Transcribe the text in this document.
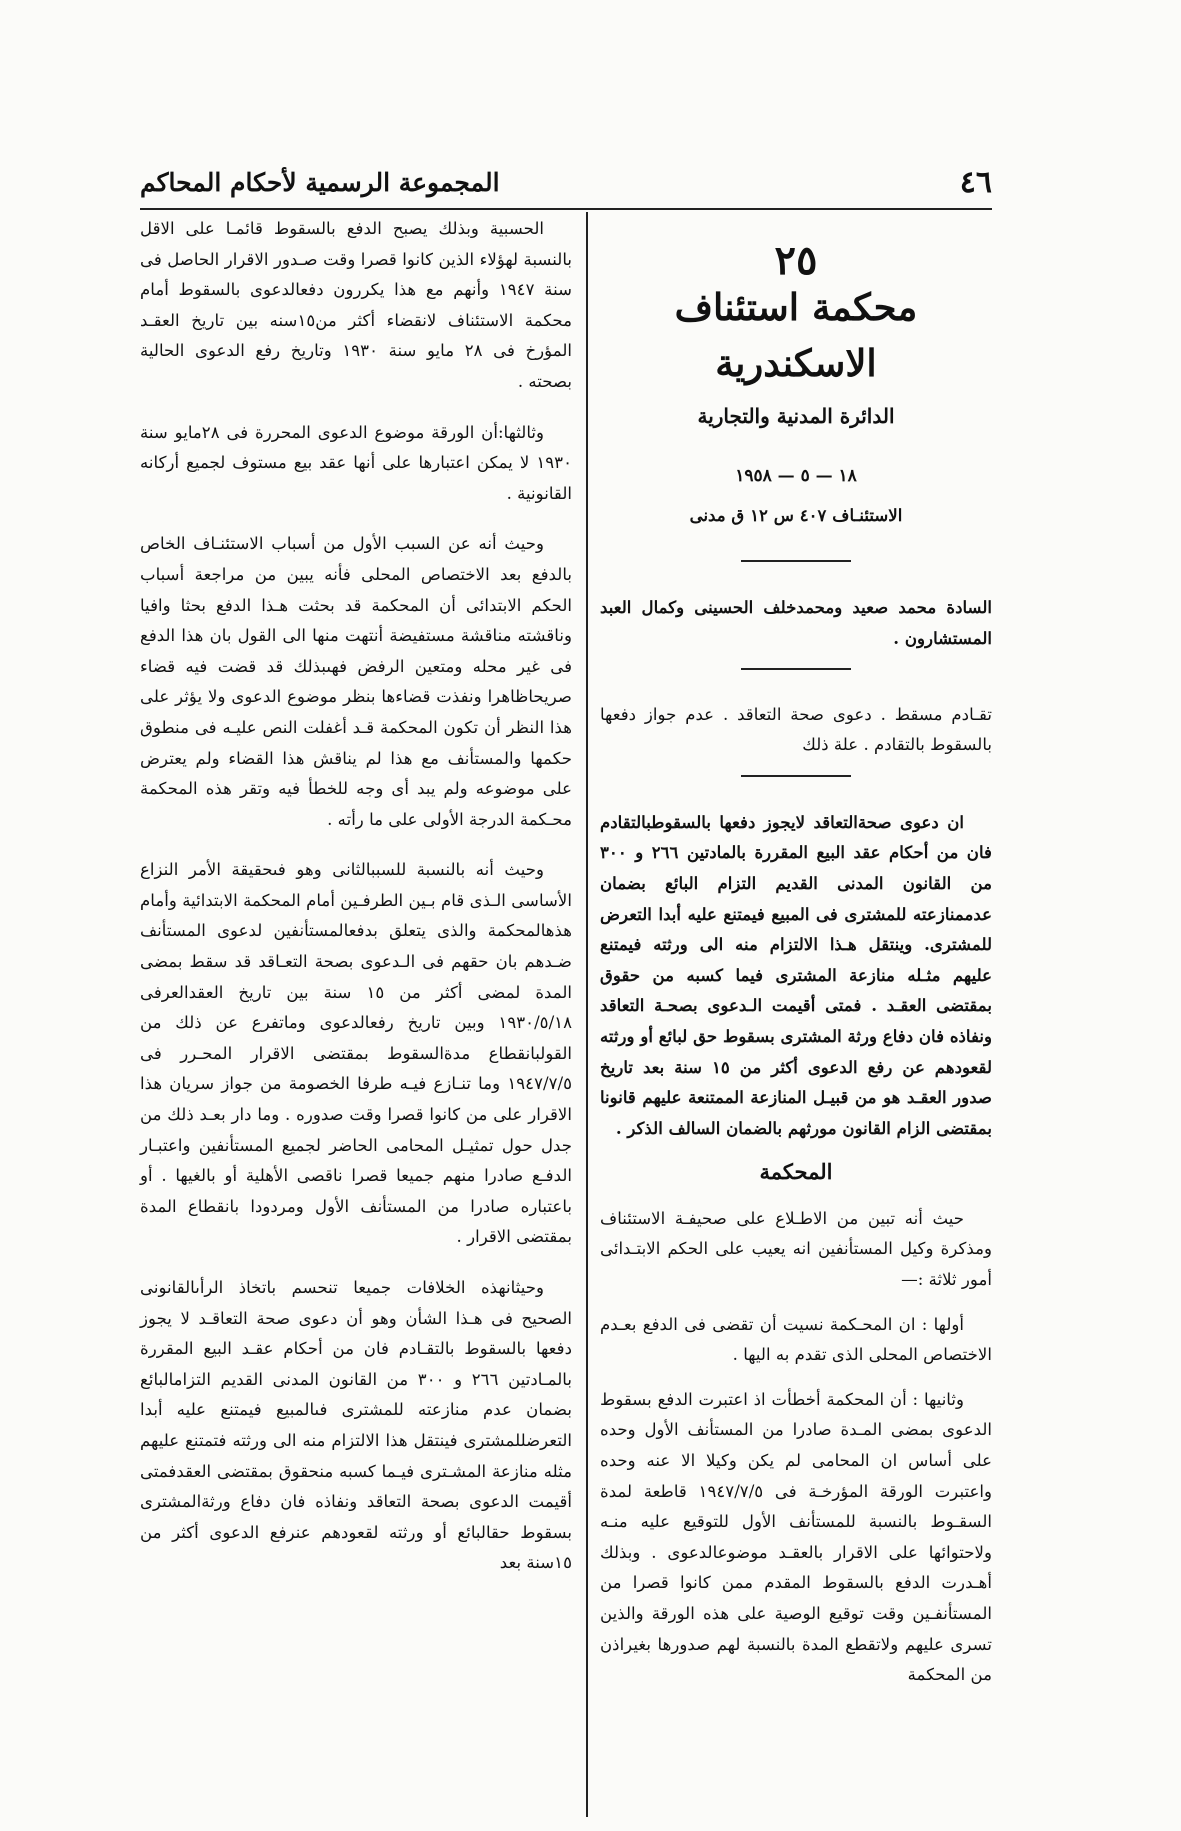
٤٦
المجموعة الرسمية لأحكام المحاكم
٢٥
محكمة استئناف الاسكندرية
الدائرة المدنية والتجارية
١٨ — ٥ — ١٩٥٨
الاستئنـاف ٤٠٧ س ١٢ ق مدنى

السادة محمد صعيد ومحمدخلف الحسينى وكمال العبد المستشارون .

تقـادم مسقط . دعوى صحة التعاقد . عدم جواز دفعها بالسقوط بالتقادم . علة ذلك

ان دعوى صحةالتعاقد لايجوز دفعها بالسقوطبالتقادم فان من أحكام عقد البيع المقررة بالمادتين ٢٦٦ و ٣٠٠ من القانون المدنى القديم التزام البائع بضمان عدممنازعته للمشترى فى المبيع فيمتنع عليه أبدا التعرض للمشترى. وينتقل هـذا الالتزام منه الى ورثته فيمتنع عليهم مثـله منازعة المشترى فيما كسبه من حقوق بمقتضى العقـد . فمتى أقيمت الـدعوى بصحـة التعاقد ونفاذه فان دفاع ورثة المشترى بسقوط حق لبائع أو ورثته لقعودهم عن رفع الدعوى أكثر من ١٥ سنة بعد تاريخ صدور العقـد هو من قبيـل المنازعة الممتنعة عليهم قانونا بمقتضى الزام القانون مورثهم بالضمان السالف الذكر .

المحكمة

حيث أنه تبين من الاطـلاع على صحيفـة الاستئناف ومذكرة وكيل المستأنفين انه يعيب على الحكم الابتـدائى أمور ثلاثة :—

أولها : ان المحـكمة نسيت أن تقضى فى الدفع بعـدم الاختصاص المحلى الذى تقدم به اليها .

وثانيها : أن المحكمة أخطأت اذ اعتبرت الدفع بسقوط الدعوى بمضى المـدة صادرا من المستأنف الأول وحده على أساس ان المحامى لم يكن وكيلا الا عنه وحده واعتبرت الورقة المؤرخـة فى ١٩٤٧/٧/٥ قاطعة لمدة السقـوط بالنسبة للمستأنف الأول للتوقيع عليه منـه ولاحتوائها على الاقرار بالعقـد موضوعالدعوى . وبذلك أهـدرت الدفع بالسقوط المقدم ممن كانوا قصرا من المستأنفـين وقت توقيع الوصية على هذه الورقة والذين تسرى عليهم ولاتقطع المدة بالنسبة لهم صدورها بغيراذن من المحكمة

الحسبية وبذلك يصبح الدفع بالسقوط قائمـا على الاقل بالنسبة لهؤلاء الذين كانوا قصرا وقت صـدور الاقرار الحاصل فى سنة ١٩٤٧ وأنهم مع هذا يكررون دفعالدعوى بالسقوط أمام محكمة الاستئناف لانقضاء أكثر من١٥سنه بين تاريخ العقـد المؤرخ فى ٢٨ مايو سنة ١٩٣٠ وتاريخ رفع الدعوى الحالية بصحته .

وثالثها:أن الورقة موضوع الدعوى المحررة فى ٢٨مايو سنة ١٩٣٠ لا يمكن اعتبارها على أنها عقد بيع مستوف لجميع أركانه القانونية .

وحيث أنه عن السبب الأول من أسباب الاستئنـاف الخاص بالدفع بعد الاختصاص المحلى فأنه يبين من مراجعة أسباب الحكم الابتدائى أن المحكمة قد بحثت هـذا الدفع بحثا وافيا وناقشته مناقشة مستفيضة أنتهت منها الى القول بان هذا الدفع فى غير محله ومتعين الرفض فهىبذلك قد قضت فيه قضاء صريحاظاهرا ونفذت قضاءها بنظر موضوع الدعوى ولا يؤثر على هذا النظر أن تكون المحكمة قـد أغفلت النص عليـه فى منطوق حكمها والمستأنف مع هذا لم يناقش هذا القضاء ولم يعترض على موضوعه ولم يبد أى وجه للخطأ فيه وتقر هذه المحكمة محـكمة الدرجة الأولى على ما رأته .

وحيث أنه بالنسبة للسببالثانى وهو فىحقيقة الأمر النزاع الأساسى الـذى قام بـين الطرفـين أمام المحكمة الابتدائية وأمام هذهالمحكمة والذى يتعلق بدفعالمستأنفين لدعوى المستأنف ضـدهم بان حقهم فى الـدعوى بصحة التعـاقد قد سقط بمضى المدة لمضى أكثر من ١٥ سنة بين تاريخ العقدالعرفى ١٩٣٠/٥/١٨ وبين تاريخ رفعالدعوى وماتفرع عن ذلك من القولبانقطاع مدةالسقوط بمقتضى الاقرار المحـرر فى ١٩٤٧/٧/٥ وما تنـازع فيـه طرفا الخصومة من جواز سريان هذا الاقرار على من كانوا قصرا وقت صدوره . وما دار بعـد ذلك من جدل حول تمثيـل المحامى الحاضر لجميع المستأنفين واعتبـار الدفـع صادرا منهم جميعا قصرا ناقصى الأهلية أو بالغيها . أو باعتباره صادرا من المستأنف الأول ومردودا بانقطاع المدة بمقتضى الاقرار .

وحيثانهذه الخلافات جميعا تنحسم باتخاذ الرأىالقانونى الصحيح فى هـذا الشأن وهو أن دعوى صحة التعاقـد لا يجوز دفعها بالسقوط بالتقـادم فان من أحكام عقـد البيع المقررة بالمـادتين ٢٦٦ و ٣٠٠ من القانون المدنى القديم التزامالبائع بضمان عدم منازعته للمشترى فىالمبيع فيمتنع عليه أبدا التعرضللمشترى فينتقل هذا الالتزام منه الى ورثته فتمتنع عليهم مثله منازعة المشـترى فيـما كسبه منحقوق بمقتضى العقدفمتى أقيمت الدعوى بصحة التعاقد ونفاذه فان دفاع ورثةالمشترى بسقوط حقالبائع أو ورثته لقعودهم عنرفع الدعوى أكثر من ١٥سنة بعد
